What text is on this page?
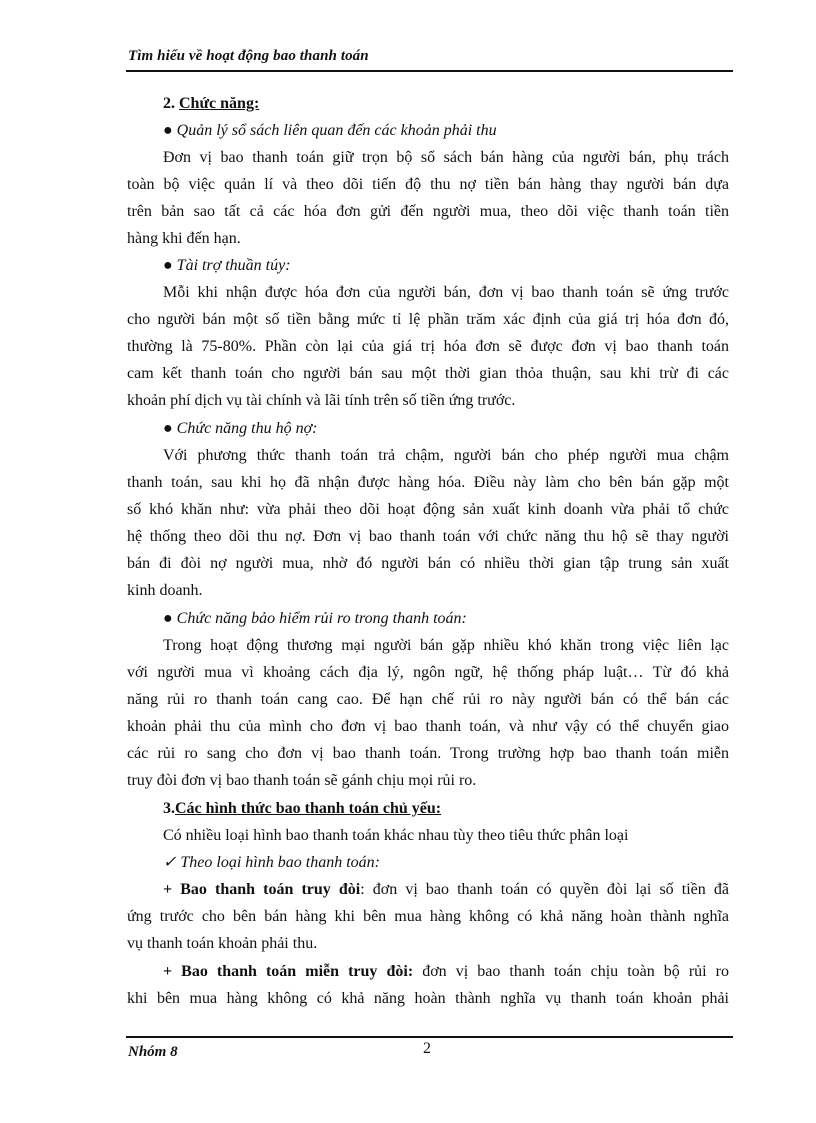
Tìm hiểu về hoạt động bao thanh toán
2. Chức năng:
● Quản lý sổ sách liên quan đến các khoản phải thu
Đơn vị bao thanh toán giữ trọn bộ sổ sách bán hàng của người bán, phụ trách
toàn bộ việc quản lí và theo dõi tiến độ thu nợ tiền bán hàng thay người bán dựa
trên bản sao tất cả các hóa đơn gửi đến người mua, theo dõi việc thanh toán tiền
hàng khi đến hạn.
● Tài trợ thuần túy:
Mỗi khi nhận được hóa đơn của người bán, đơn vị bao thanh toán sẽ ứng trước
cho người bán một số tiền bằng mức tỉ lệ phần trăm xác định của giá trị hóa đơn đó,
thường là 75-80%. Phần còn lại của giá trị hóa đơn sẽ được đơn vị bao thanh toán
cam kết thanh toán cho người bán sau một thời gian thỏa thuận, sau khi trừ đi các
khoản phí dịch vụ tài chính và lãi tính trên số tiền ứng trước.
● Chức năng thu hộ nợ:
Với phương thức thanh toán trả chậm, người bán cho phép người mua chậm
thanh toán, sau khi họ đã nhận được hàng hóa. Điều này làm cho bên bán gặp một
số khó khăn như: vừa phải theo dõi hoạt động sản xuất kinh doanh vừa phải tổ chức
hệ thống theo dõi thu nợ. Đơn vị bao thanh toán với chức năng thu hộ sẽ thay người
bán đi đòi nợ người mua, nhờ đó người bán có nhiều thời gian tập trung sản xuất
kinh doanh.
● Chức năng bảo hiểm rủi ro trong thanh toán:
Trong hoạt động thương mại người bán gặp nhiều khó khăn trong việc liên lạc
với người mua vì khoảng cách địa lý, ngôn ngữ, hệ thống pháp luật… Từ đó khả
năng rủi ro thanh toán cang cao. Để hạn chế rủi ro này người bán có thể bán các
khoản phải thu của mình cho đơn vị bao thanh toán, và như vậy có thể chuyển giao
các rủi ro sang cho đơn vị bao thanh toán. Trong trường hợp bao thanh toán miễn
truy đòi đơn vị bao thanh toán sẽ gánh chịu mọi rủi ro.
3.Các hình thức bao thanh toán chủ yếu:
Có nhiều loại hình bao thanh toán khác nhau tùy theo tiêu thức phân loại
✓ Theo loại hình bao thanh toán:
+ Bao thanh toán truy đòi: đơn vị bao thanh toán có quyền đòi lại số tiền đã
ứng trước cho bên bán hàng khi bên mua hàng không có khả năng hoàn thành nghĩa
vụ thanh toán khoản phải thu.
+ Bao thanh toán miễn truy đòi: đơn vị bao thanh toán chịu toàn bộ rủi ro
khi bên mua hàng không có khả năng hoàn thành nghĩa vụ thanh toán khoản phải
Nhóm 8	2
